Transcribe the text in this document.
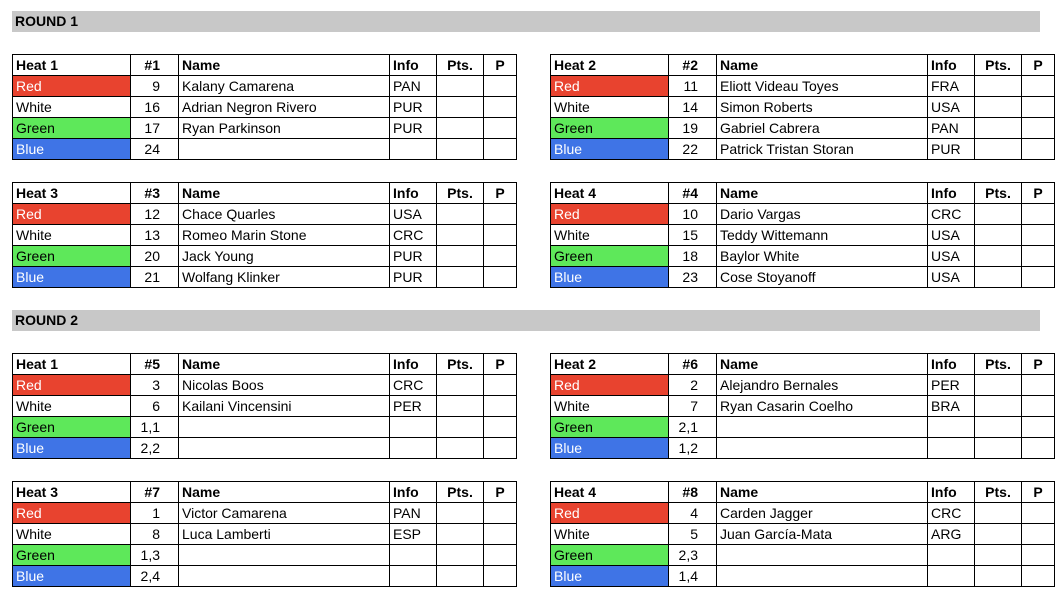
ROUND 1
Heat 1	#1	Name	Info	Pts.	P
Red	9	Kalany Camarena	PAN		
White	16	Adrian Negron Rivero	PUR		
Green	17	Ryan Parkinson	PUR		
Blue	24				
Heat 2	#2	Name	Info	Pts.	P
Red	11	Eliott Videau Toyes	FRA		
White	14	Simon Roberts	USA		
Green	19	Gabriel Cabrera	PAN		
Blue	22	Patrick Tristan Storan	PUR		
Heat 3	#3	Name	Info	Pts.	P
Red	12	Chace Quarles	USA		
White	13	Romeo Marin Stone	CRC		
Green	20	Jack Young	PUR		
Blue	21	Wolfang Klinker	PUR		
Heat 4	#4	Name	Info	Pts.	P
Red	10	Dario Vargas	CRC		
White	15	Teddy Wittemann	USA		
Green	18	Baylor White	USA		
Blue	23	Cose Stoyanoff	USA		
ROUND 2
Heat 1	#5	Name	Info	Pts.	P
Red	3	Nicolas Boos	CRC		
White	6	Kailani Vincensini	PER		
Green	1,1				
Blue	2,2				
Heat 2	#6	Name	Info	Pts.	P
Red	2	Alejandro Bernales	PER		
White	7	Ryan Casarin Coelho	BRA		
Green	2,1				
Blue	1,2				
Heat 3	#7	Name	Info	Pts.	P
Red	1	Victor Camarena	PAN		
White	8	Luca Lamberti	ESP		
Green	1,3				
Blue	2,4				
Heat 4	#8	Name	Info	Pts.	P
Red	4	Carden Jagger	CRC		
White	5	Juan García-Mata	ARG		
Green	2,3				
Blue	1,4				
